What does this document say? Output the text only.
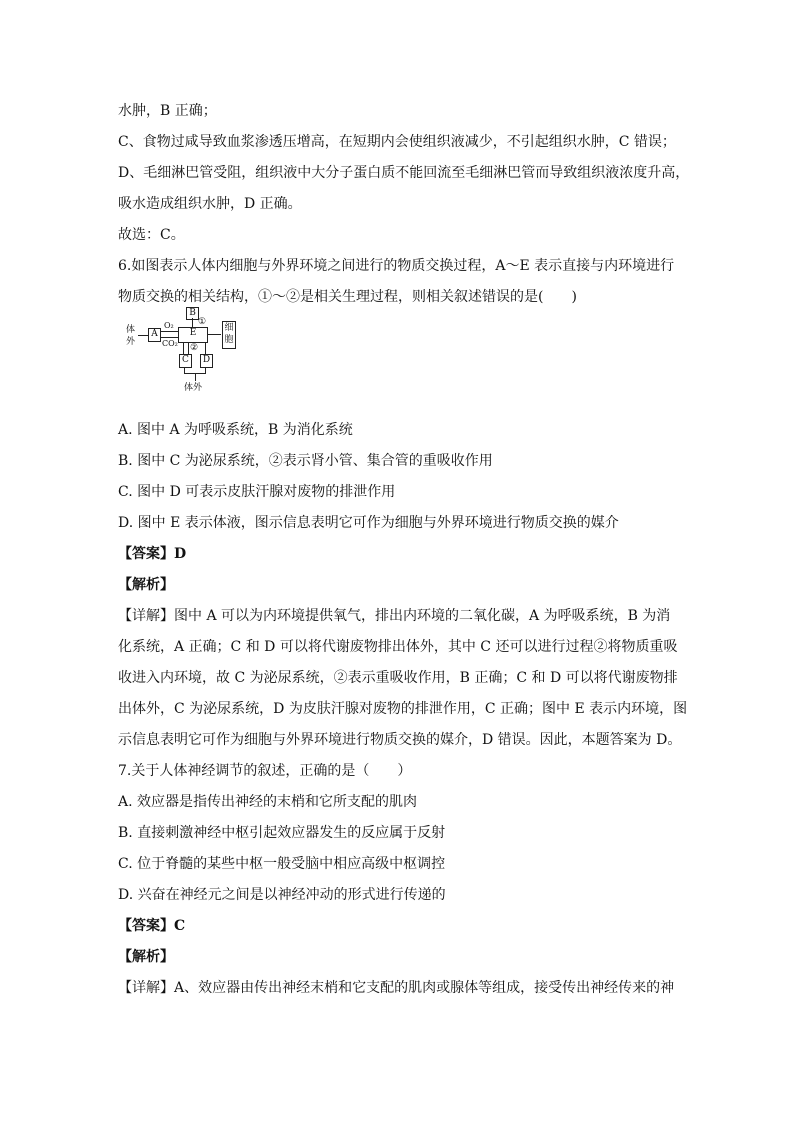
水肿，B 正确；

C、食物过咸导致血浆渗透压增高，在短期内会使组织液减少，不引起组织水肿，C 错误；

D、毛细淋巴管受阻，组织液中大分子蛋白质不能回流至毛细淋巴管而导致组织液浓度升高，

吸水造成组织水肿，D 正确。

故选：C。

6.如图表示人体内细胞与外界环境之间进行的物质交换过程，A～E 表示直接与内环境进行

物质交换的相关结构，①～②是相关生理过程，则相关叙述错误的是(　　)

体
外
A
O₂
CO₂
E
B
①
细
胞
②
C	D
体外

A. 图中 A 为呼吸系统，B 为消化系统

B. 图中 C 为泌尿系统，②表示肾小管、集合管的重吸收作用

C. 图中 D 可表示皮肤汗腺对废物的排泄作用

D. 图中 E 表示体液，图示信息表明它可作为细胞与外界环境进行物质交换的媒介

【答案】D

【解析】

【详解】图中 A 可以为内环境提供氧气，排出内环境的二氧化碳，A 为呼吸系统，B 为消

化系统，A 正确；C 和 D 可以将代谢废物排出体外，其中 C 还可以进行过程②将物质重吸

收进入内环境，故 C 为泌尿系统，②表示重吸收作用，B 正确；C 和 D 可以将代谢废物排

出体外，C 为泌尿系统，D 为皮肤汗腺对废物的排泄作用，C 正确；图中 E 表示内环境，图

示信息表明它可作为细胞与外界环境进行物质交换的媒介，D 错误。因此，本题答案为 D。

7.关于人体神经调节的叙述，正确的是（　　）

A. 效应器是指传出神经的末梢和它所支配的肌肉

B. 直接刺激神经中枢引起效应器发生的反应属于反射

C. 位于脊髓的某些中枢一般受脑中相应高级中枢调控

D. 兴奋在神经元之间是以神经冲动的形式进行传递的

【答案】C

【解析】

【详解】A、效应器由传出神经末梢和它支配的肌肉或腺体等组成，接受传出神经传来的神
